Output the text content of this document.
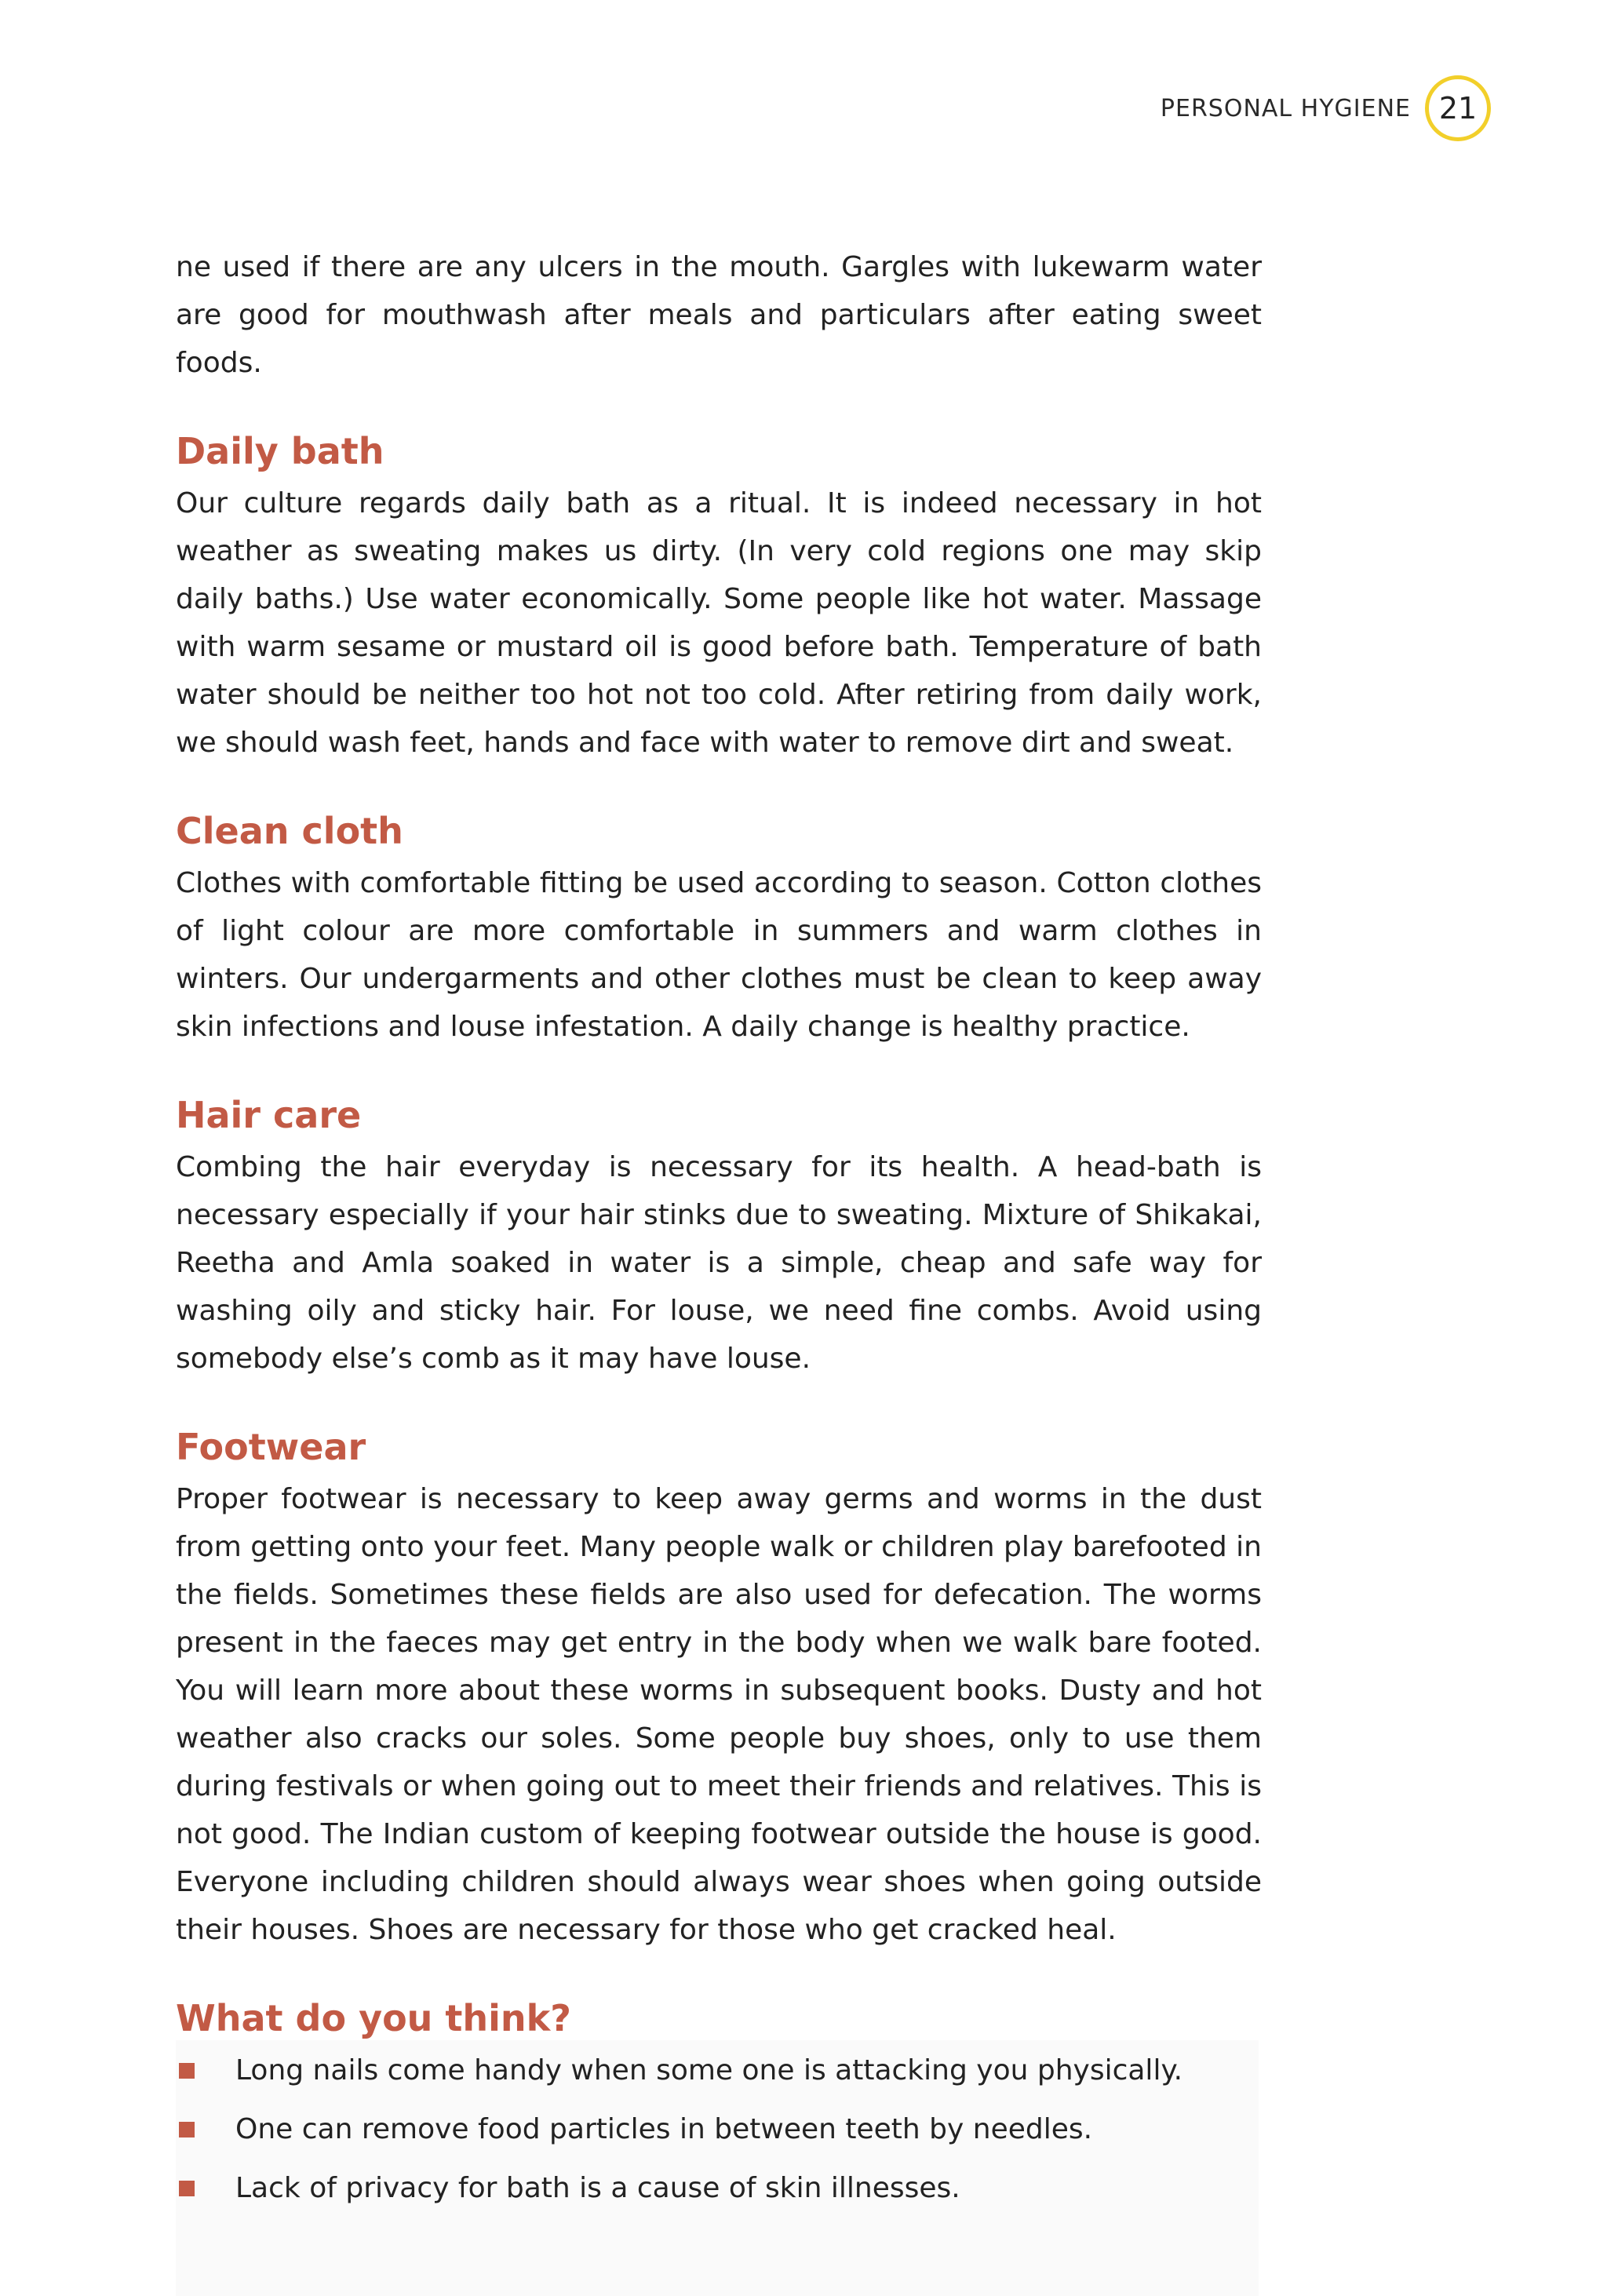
PERSONAL HYGIENE 21

ne used if there are any ulcers in the mouth. Gargles with lukewarm water are good for mouthwash after meals and particulars after eating sweet foods.

Daily bath

Our culture regards daily bath as a ritual. It is indeed necessary in hot weather as sweating makes us dirty. (In very cold regions one may skip daily baths.) Use water economically. Some people like hot water. Massage with warm sesame or mustard oil is good before bath. Temperature of bath water should be neither too hot not too cold. After retiring from daily work, we should wash feet, hands and face with water to remove dirt and sweat.

Clean cloth

Clothes with comfortable fitting be used according to season. Cotton clothes of light colour are more comfortable in summers and warm clothes in winters. Our undergarments and other clothes must be clean to keep away skin infections and louse infestation. A daily change is healthy practice.

Hair care

Combing the hair everyday is necessary for its health. A head-bath is necessary especially if your hair stinks due to sweating. Mixture of Shikakai, Reetha and Amla soaked in water is a simple, cheap and safe way for washing oily and sticky hair. For louse, we need fine combs. Avoid using somebody else’s comb as it may have louse.

Footwear

Proper footwear is necessary to keep away germs and worms in the dust from getting onto your feet. Many people walk or children play barefooted in the fields. Sometimes these fields are also used for defecation. The worms present in the faeces may get entry in the body when we walk bare footed. You will learn more about these worms in subsequent books. Dusty and hot weather also cracks our soles. Some people buy shoes, only to use them during festivals or when going out to meet their friends and relatives. This is not good. The Indian custom of keeping footwear outside the house is good. Everyone including children should always wear shoes when going outside their houses. Shoes are necessary for those who get cracked heal.

What do you think?
Long nails come handy when some one is attacking you physically.
One can remove food particles in between teeth by needles.
Lack of privacy for bath is a cause of skin illnesses.
